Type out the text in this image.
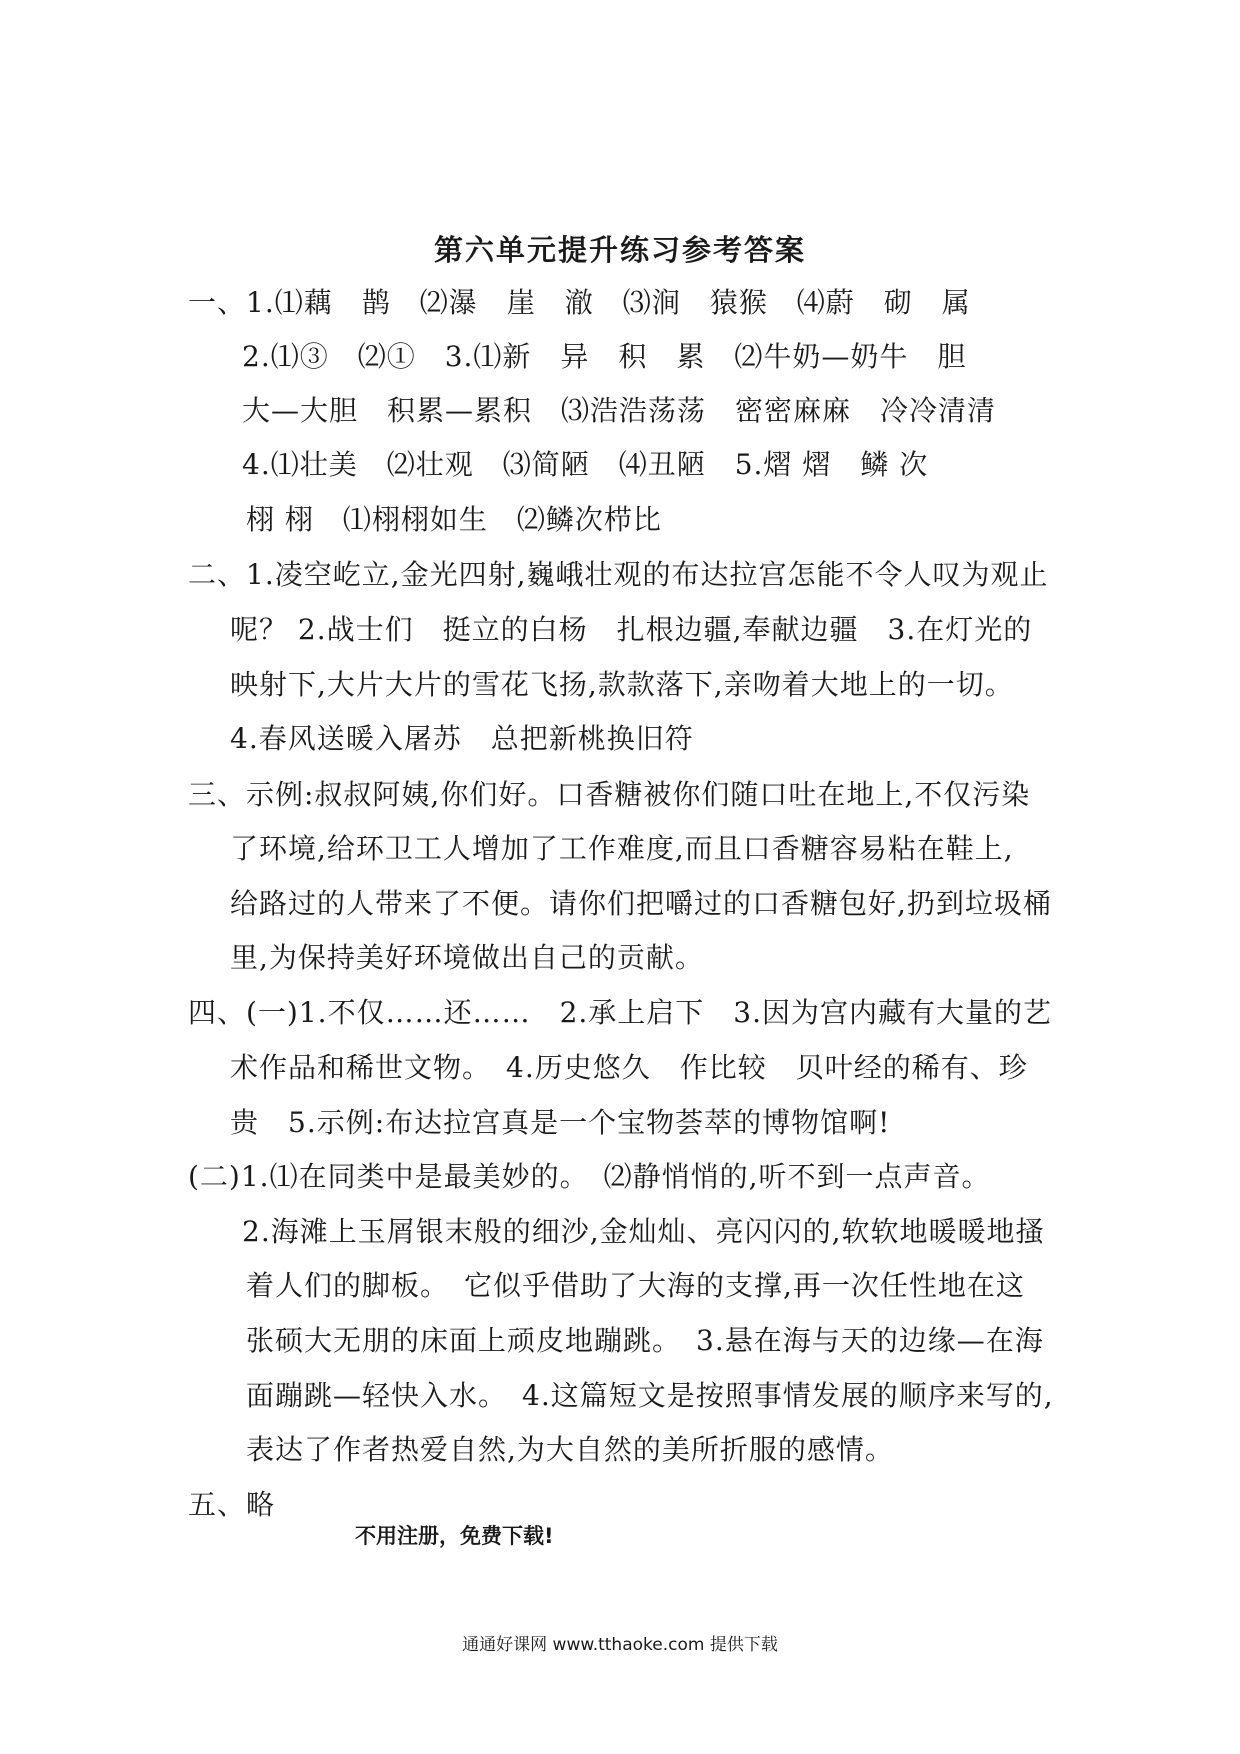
第六单元提升练习参考答案
一、1.⑴藕　鹊　⑵瀑　崖　澈　⑶涧　猿猴　⑷蔚　砌　属
2.⑴③　⑵①　3.⑴新　异　积　累　⑵牛奶—奶牛　胆
大—大胆　积累—累积　⑶浩浩荡荡　密密麻麻　冷冷清清
4.⑴壮美　⑵壮观　⑶简陋　⑷丑陋　5.熠 熠　鳞 次
栩 栩　⑴栩栩如生　⑵鳞次栉比
二、1.凌空屹立,金光四射,巍峨壮观的布达拉宫怎能不令人叹为观止
呢？ 2.战士们　挺立的白杨　扎根边疆,奉献边疆　3.在灯光的
映射下,大片大片的雪花飞扬,款款落下,亲吻着大地上的一切。
4.春风送暖入屠苏　总把新桃换旧符
三、示例:叔叔阿姨,你们好。口香糖被你们随口吐在地上,不仅污染
了环境,给环卫工人增加了工作难度,而且口香糖容易粘在鞋上,
给路过的人带来了不便。请你们把嚼过的口香糖包好,扔到垃圾桶
里,为保持美好环境做出自己的贡献。
四、(一)1.不仅……还……　2.承上启下　3.因为宫内藏有大量的艺
术作品和稀世文物。　4.历史悠久　作比较　贝叶经的稀有、珍
贵　5.示例:布达拉宫真是一个宝物荟萃的博物馆啊!
(二)1.⑴在同类中是最美妙的。　⑵静悄悄的,听不到一点声音。
2.海滩上玉屑银末般的细沙,金灿灿、亮闪闪的,软软地暖暖地搔
着人们的脚板。　它似乎借助了大海的支撑,再一次任性地在这
张硕大无朋的床面上顽皮地蹦跳。　3.悬在海与天的边缘—在海
面蹦跳—轻快入水。　4.这篇短文是按照事情发展的顺序来写的,
表达了作者热爱自然,为大自然的美所折服的感情。
五、略
不用注册，免费下载!
通通好课网 www.tthaoke.com 提供下载
